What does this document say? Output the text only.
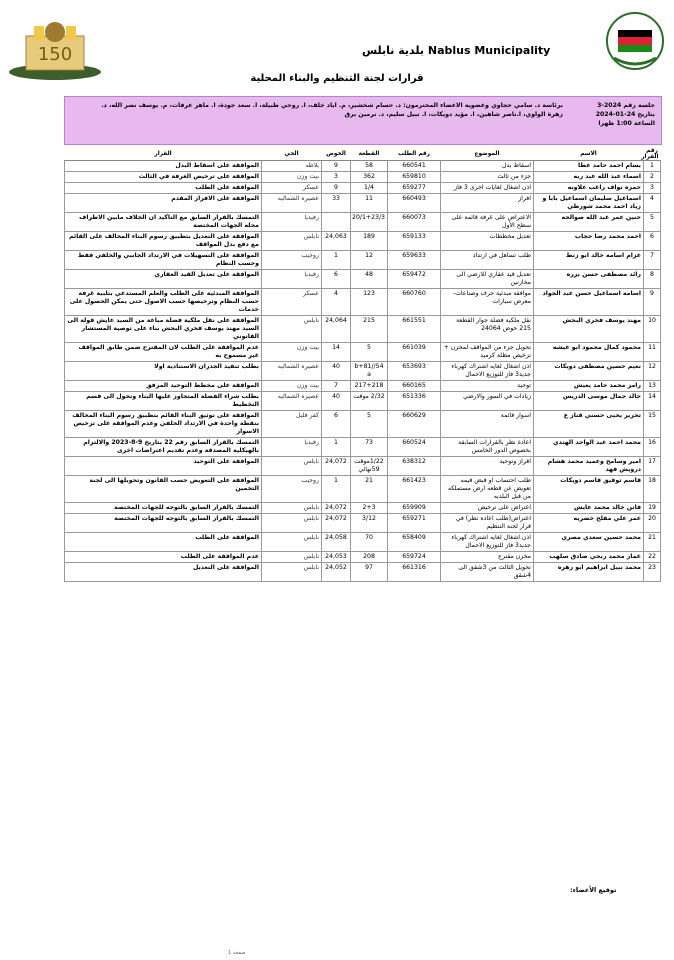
150	بلدية نابلس Nablus Municipality
قرارات لجنة التنظيم والبناء المحلية
جلسة رقم 2024-3
بتاريخ 24-01-2024
الساعة 1:00 ظهرا
برئاسة د. سامي حجاوي وعضوية الاعضاء المحترمون: د. حسام شخشير، م. اياد خلف، ا. روحي طبيلة، ا. سعد جودة، ا. ماهر عرفات، م. يوسف نصر الله، د.
زهرة الواوي، ا.ناصر شاهين، ا. مؤيد دويكات، ا. نبيل سليم، د. نرمين برق
رقم القرار	الاسم	الموضوع	رقم الطلب	القطعة	الحوض	الحي	القرار
1	بسام احمد حامد عطا	اسقاط بدل	660541	58	9	بلاطه	الموافقة على اسقاط البدل
2	اسماء عبد الله عبد ربه	جزء من ثالث	659810	362	3	بيت وزن	الموافقة على ترخيص الغرفة في الثالث
3	حمزه نواف راغب علاونه	اذن اشغال لغايات اخرى 3 فاز	659277	1/4	9	عسكر	الموافقة على الطلب
4	اسماعيل سليمان اسماعيل بابا و زياد احمد محمد شورطي	افراز	660493	11	33	عصيره الشماليه	الموافقة على الافراز المقدم
5	حنين عمر عبد الله صوالحه	الاعتراض على غرفة قائمة على سطح الأول	660073	20/1+23/3		رفيديا	التمسك بالقرار السابق مع التاكيد ان الخلاف مابين الاطراف محله الجهات المختصة
6	احمد محمد رضا حجاب	تعديل مخططات	659133	189	24,063	نابلس	الموافقة على التعديل بتطبيق رسوم البناء المخالف على القائم مع دفع بدل المواقف
7	عزام اسامه خالد ابو زنط	طلب تساهل في ارتداد	659633	12	1	روجيب	الموافقة على التسهيلات في الارتداد الجانبي والخلفي فقط وحسب النظام
8	رائد مصطفى حسن بزره	تعديل قيد عقاري للارضي الى مخازنين	659472	48	6	رفيديا	الموافقة على تعديل القيد العقاري
9	اسامه اسماعيل حسن عبد الجواد	موافقة مبدئية حرف وصناعات- معرض سيارات	660760	123	4	عسكر	الموافقة المبدئية على الطلب والعلم المستدعي بتلبية غرفة حسب النظام وترخيصها حسب الاصول حتى يمكن الحصول على خدمات
10	مهند يوسف فخري البحش	نقل ملكية فضلة جوار القطعة 215 حوض 24064	661551	215	24,064	نابلس	الموافقة على نقل ملكية فضلة مباعة من السيد عايش قولة الى السيد مهند يوسف فخري البحش بناء على توصية المستشار القانوني
11	محمود كمال محمود ابو عيشه	تحويل جزء من المواقف لمخزن + ترخيص مظلة كرميد	661039	5	14	بيت وزن	عدم الموافقة على الطلب لان المقترح ضمن طابق المواقف غير مسموح به
12	نعيم حسين مصطفى دويكات	اذن اشغال لغايه اشتراك كهرباء جديد3 فاز للتوزيع الاحمال	653693	b+81//54 a	40	عصيره الشماليه	بطلب تنفيذ الجدران الاستنادية اولا
13	رامز محمد حامد يعيش	توحيد	660165	217+218	7	بيت وزن	الموافقة على مخطط التوحيد المرفق
14	خالد جمال موسى الدريس	زيادات في السور والارضي	651336	2/32 موقت	40	عصيره الشماليه	بطلب شراء الفضلة المتجاوز عليها البناء وتحول الى قسم التخطيط
15	تحرير يحيى حسني قناز ع	اسوار قائمة	660629	5	6	كفر قليل	الموافقة على توثيق البناء القائم بتطبيق رسوم البناء المخالف بنقطة واحدة في الارتداد الخلفي وعدم الموافقة على ترخيص الاسوار
16	محمد احمد عبد الواحد الهندي	اعادة نظر بالقرارات السابقة بخصوص الدور الخامس	660524	73	1	رفيديا	التمسك بالقرار السابق رقم 22 بتاريخ 9-8-2023 والالتزام بالهيكلية المصدقة وعدم تقديم اعتراضات اخرى
17	امير وسامح وعميد محمد هشام درويش فهد	افراز وتوحيد	638312	1/22موقت 59نهائي	24,072	نابلس	الموافقة على التوحيد
18	قاسم توفيق قاسم دويكات	طلب احتساب او قبض قيمه تعويض عن قطعه ارض مستملكه من قبل البلديه	661423	21	1	روجيب	الموافقة على التعويض حسب القانون وتحويلها الى لجنة التخمين
19	فاتن خالد محمد عايش	اعتراض على ترخيص	659909	2+3	24,072	نابلس	التمسك بالقرار السابق بالتوجه للجهات المختصة
20	عمر علي مفلح خضريه	اعتراض(طلب اعاده نظر) في قرار لجنة التنظيم	659271	3/12	24,072	نابلس	التمسك بالقرار السابق بالتوجه للجهات المختصة
21	محمد حسين سعدي مصري	اذن اشغال لغايه اشتراك كهرباء جديد3 فاز للتوزيع الاحمال	658409	70	24,058	نابلس	الموافقة على الطلب
22	عمار محمد ربحي صادق سلهب	مخزن مقترح	659724	208	24,053	نابلس	عدم الموافقة على الطلب
23	محمد نبيل ابراهيم ابو زهره	تحويل الثالث من 3شقق الى 4شقق	661316	97	24,052	نابلس	الموافقة على التعديل
توقيع الأعضاء:
صفحة 1
